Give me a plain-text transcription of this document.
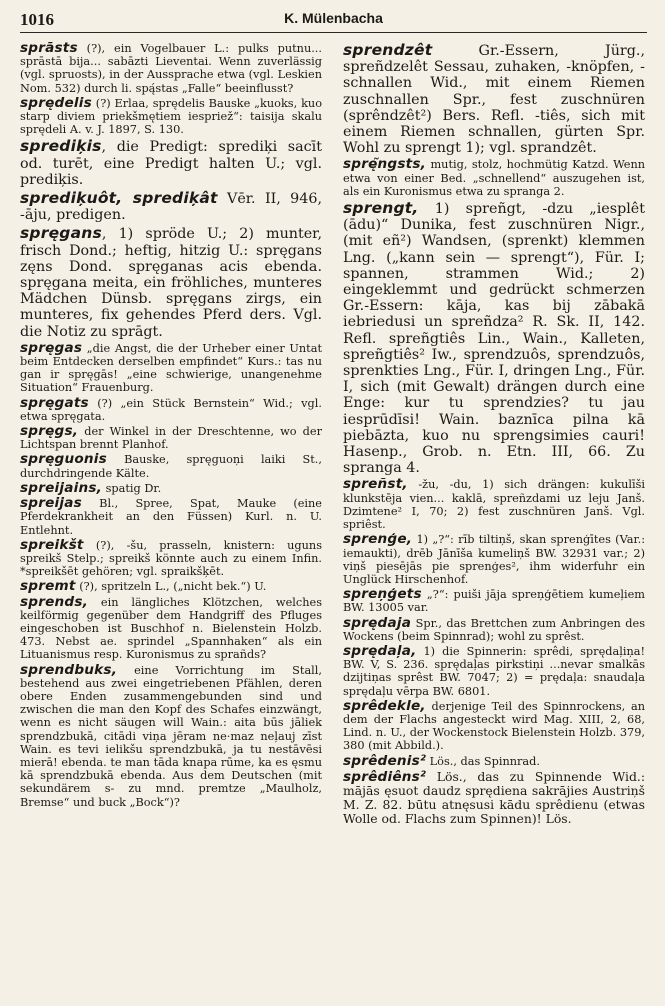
1016	K. Mülenbacha

sprāsts (?), ein Vogelbauer L.: pulks putnu... sprāstā bija... sabāzti Lieventai. Wenn zuverlässig (vgl. spruosts), in der Aussprache etwa (vgl. Leskien Nom. 532) durch li. spą́stas „Falle“ beeinflusst?

sprędelis (?) Erlaa, sprędelis Bauske „kuoks, kuo starp diviem priekšmętiem iespriež“: taisija skalu sprędeli A. v. J. 1897, S. 130.

sprediķis, die Predigt: sprediķi sacīt od. turēt, eine Predigt halten U.; vgl. prediķis.

sprediķuôt, sprediķât Vēr. II, 946, -āju, predigen.

spręgans, 1) spröde U.; 2) munter, frisch Dond.; heftig, hitzig U.: spręgans zęns Dond. spręganas acis ebenda. spręgana meita, ein fröhliches, munteres Mädchen Dünsb. spręgans zirgs, ein munteres, fix gehendes Pferd ders. Vgl. die Notiz zu sprāgt.

spręgas „die Angst, die der Urheber einer Untat beim Entdecken derselben empfindet“ Kurs.: tas nu gan ir spręgās! „eine schwierige, unangenehme Situation“ Frauenburg.

spręgats (?) „ein Stück Bernstein“ Wid.; vgl. etwa spręgata.

spręgs, der Winkel in der Dreschtenne, wo der Lichtspan brennt Planhof.

spręguonis Bauske, spręguoņi laiki St., durchdringende Kälte.

spreijains, spatig Dr.

spreijas Bl., Spree, Spat, Mauke (eine Pferdekrankheit an den Füssen) Kurl. n. U. Entlehnt.

spreikšt (?), -šu, prasseln, knistern: uguns spreikš Stelp.; spreikš könnte auch zu einem Infin. *spreikšēt gehören; vgl. spraikšķēt.

spremt (?), spritzeln L., („nicht bek.“) U.

sprends, ein längliches Klötzchen, welches keilförmig gegenüber dem Handgriff des Pfluges eingeschoben ist Buschhof n. Bielenstein Holzb. 473. Nebst ae. sprindel „Spannhaken“ als ein Lituanismus resp. Kuronismus zu sprañds?

sprendbuks, eine Vorrichtung im Stall, bestehend aus zwei eingetriebenen Pfählen, deren obere Enden zusammengebunden sind und zwischen die man den Kopf des Schafes einzwängt, wenn es nicht säugen will Wain.: aita būs jāliek sprendzbukā, citādi viņa jēram ne·maz neļauj zīst Wain. es tevi ielikšu sprendzbukā, ja tu nestāvēsi mierā! ebenda. te man tāda knapa rūme, ka es ęsmu kā sprendzbukā ebenda. Aus dem Deutschen (mit sekundärem s- zu mnd. premtze „Maulholz, Bremse“ und buck „Bock“)?

sprendzêt Gr.-Essern, Jürg., spreñdzelêt Sessau, zuhaken, -knöpfen, -schnallen Wid., mit einem Riemen zuschnallen Spr., fest zuschnüren (sprêndzêt²) Bers. Refl. -tiês, sich mit einem Riemen schnallen, gürten Spr. Wohl zu sprengt 1); vgl. sprandzêt.

sprę̃ngsts, mutig, stolz, hochmütig Katzd. Wenn etwa von einer Bed. „schnellend“ auszugehen ist, als ein Kuronismus etwa zu spranga 2.

sprengt, 1) spreñgt, -dzu „iesplêt (ādu)“ Dunika, fest zuschnüren Nigr., (mit eñ²) Wandsen, (sprenkt) klemmen Lng. („kann sein — sprengt“), Für. I; spannen, strammen Wid.; 2) eingeklemmt und gedrückt schmerzen Gr.-Essern: kāja, kas bij zābakā iebriedusi un spreñdza² R. Sk. II, 142. Refl. spreñgtiês Lin., Wain., Kalleten, spreñgtiês² Iw., sprendzuôs, sprendzuôs, sprenkties Lng., Für. I, dringen Lng., Für. I, sich (mit Gewalt) drängen durch eine Enge: kur tu sprendzies? tu jau iesprūdīsi! Wain. baznīca pilna kā piebāzta, kuo nu sprengsimies cauri! Hasenp., Grob. n. Etn. III, 66. Zu spranga 4.

spreñst, -žu, -du, 1) sich drängen: kukulīši klunkstēja vien... kaklā, spreñzdami uz leju Janš. Dzimtene² I, 70; 2) fest zuschnüren Janš. Vgl. spriêst.

sprenģe, 1) „?“: rīb tiltiņš, skan sprenģītes (Var.: iemaukti), drēb Jānīša kumeliņš BW. 32931 var.; 2) viņš piesējās pie sprenģes², ihm widerfuhr ein Unglück Hirschenhof.

spreņģets „?“: puiši jāja spreņģētiem kumeļiem BW. 13005 var.

sprędaja Spr., das Brettchen zum Anbringen des Wockens (beim Spinnrad); wohl zu sprêst.

sprędaļa, 1) die Spinnerin: sprêdi, sprędaļiņa! BW. V, S. 236. sprędaļas pirkstiņi ...nevar smalkās dzijtiņas sprêst BW. 7047; 2) = prędaļa: snaudaļa sprędaļu vērpa BW. 6801.

sprêdekle, derjenige Teil des Spinnrockens, an dem der Flachs angesteckt wird Mag. XIII, 2, 68, Lind. n. U., der Wockenstock Bielenstein Holzb. 379, 380 (mit Abbild.).

sprêdenis² Lös., das Spinnrad.

sprêdiêns² Lös., das zu Spinnende Wid.: mājās ęsuot daudz sprędiena sakrājies Austriņš M. Z. 82. būtu atnęsusi kādu sprêdienu (etwas Wolle od. Flachs zum Spinnen)! Lös.
